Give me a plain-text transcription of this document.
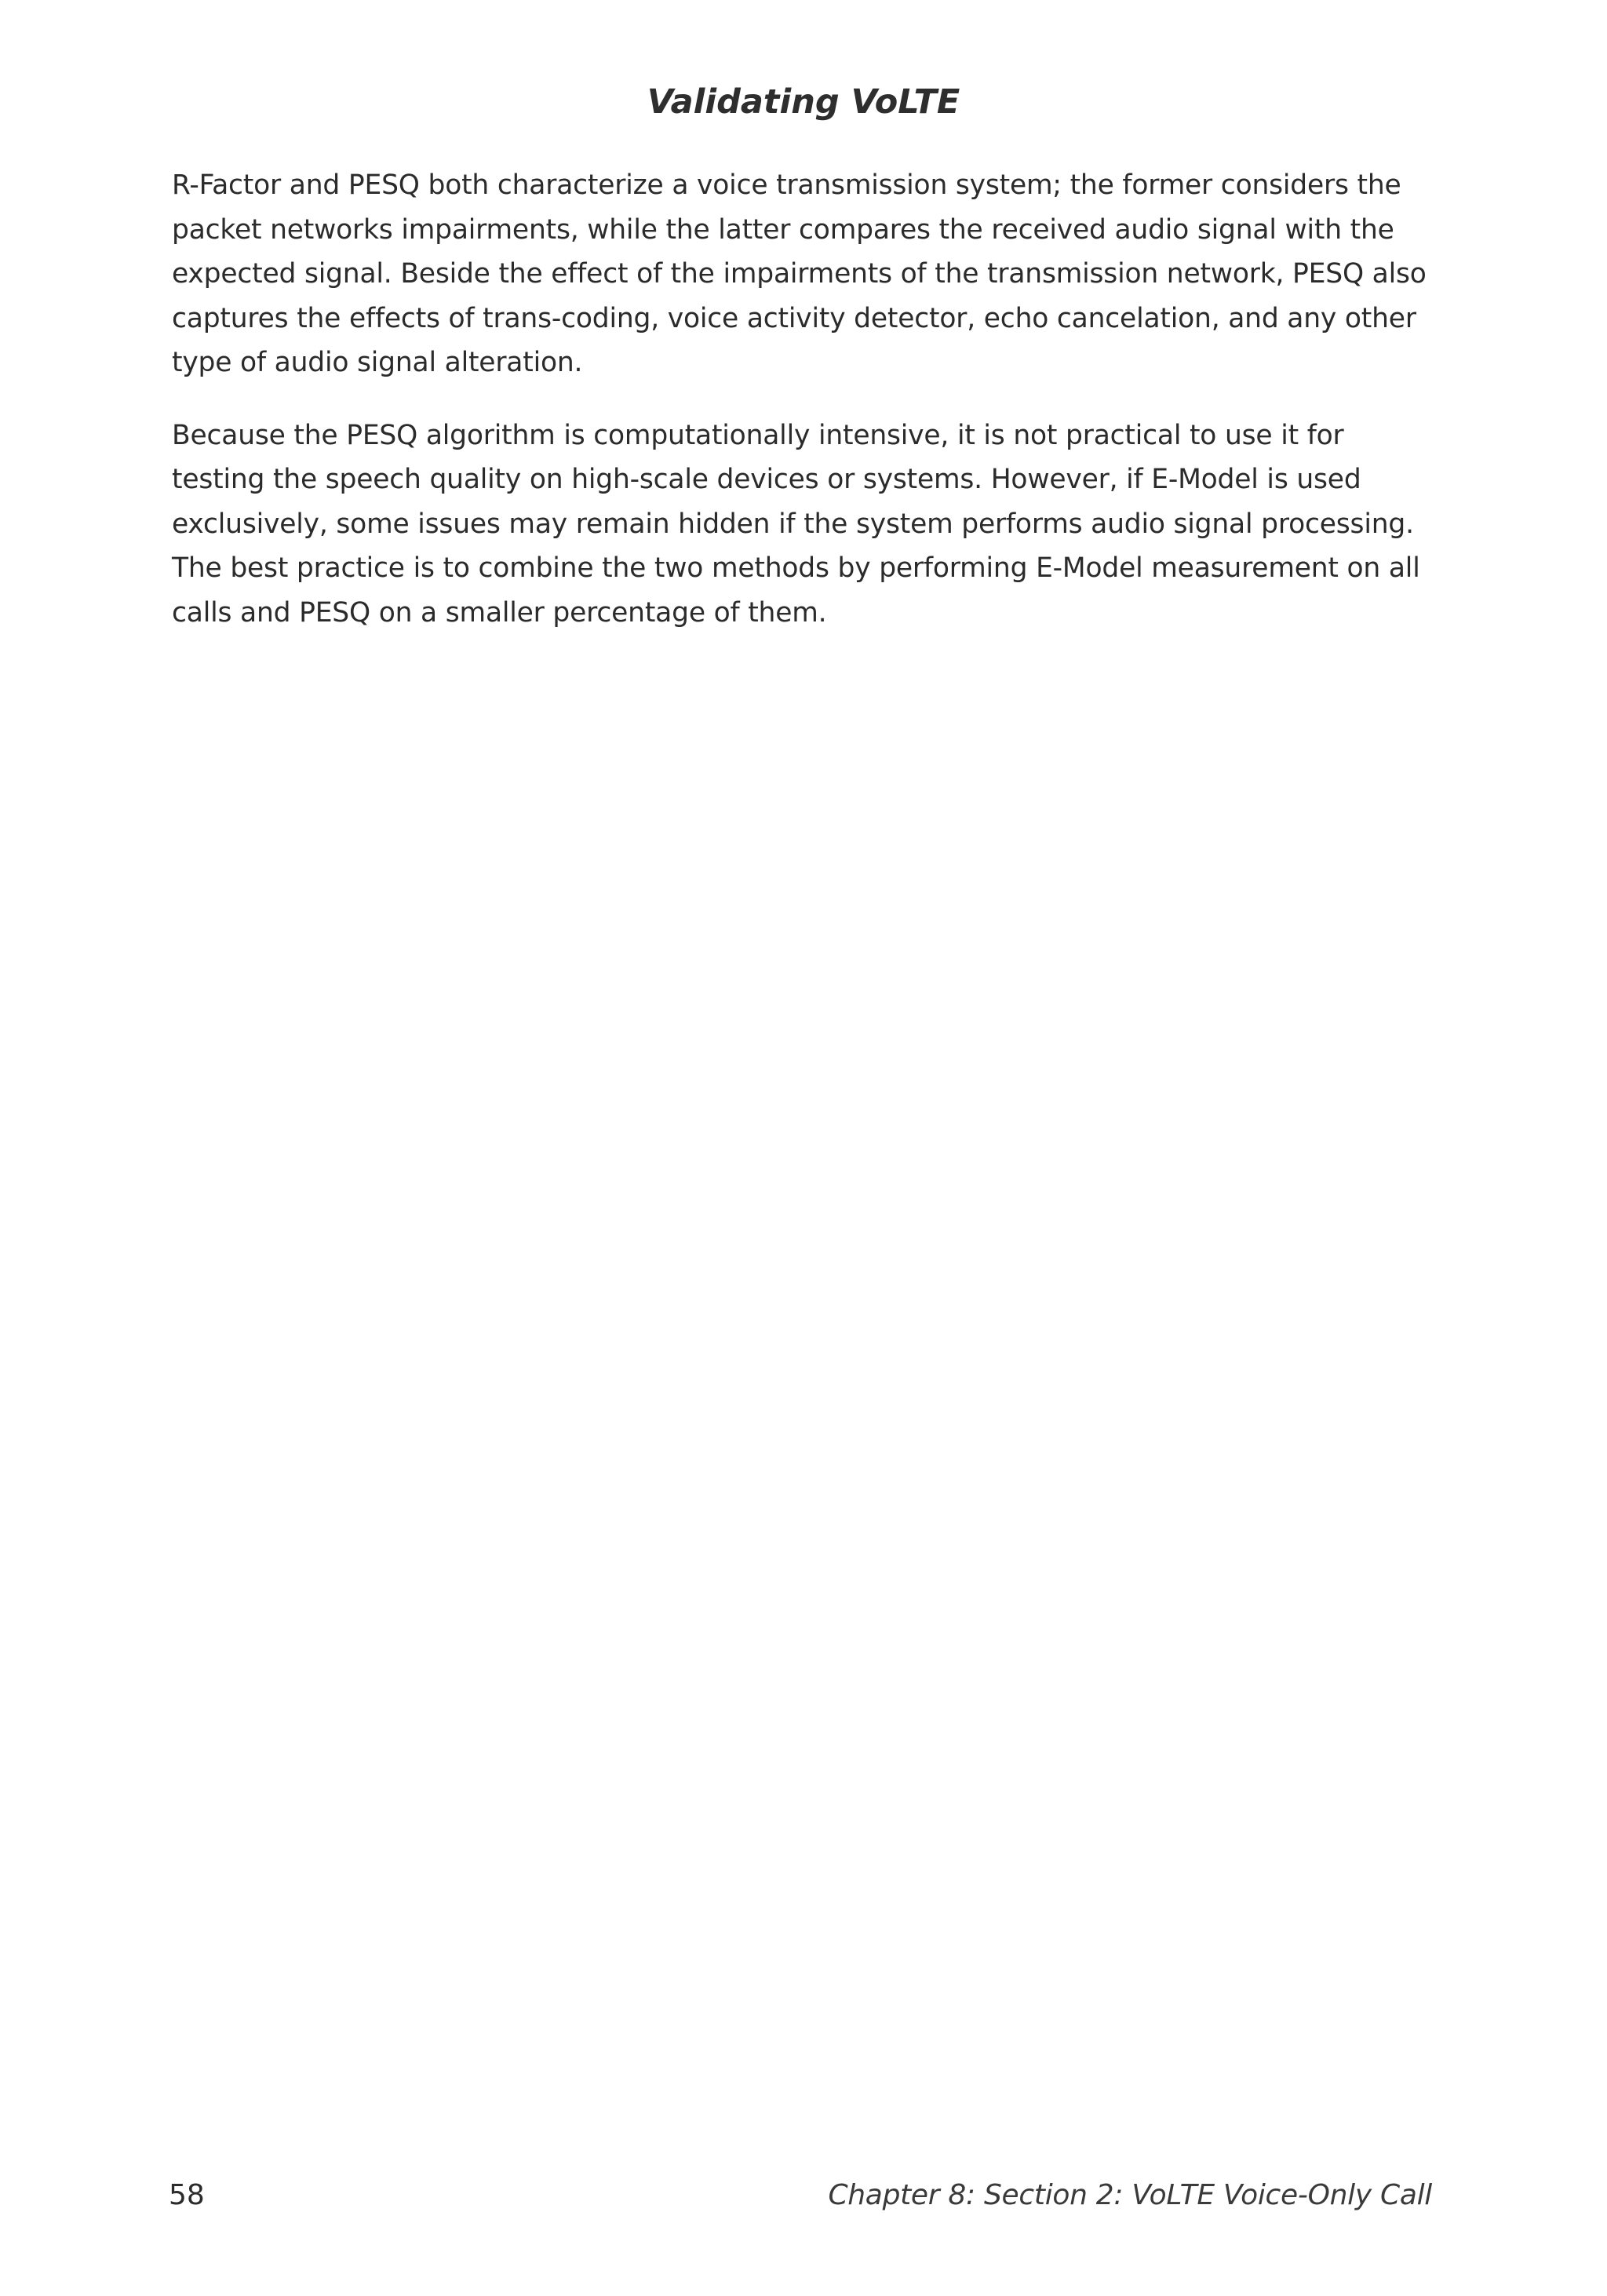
Validating VoLTE

R-Factor and PESQ both characterize a voice transmission system; the former considers the packet networks impairments, while the latter compares the received audio signal with the expected signal. Beside the effect of the impairments of the transmission network, PESQ also captures the effects of trans-coding, voice activity detector, echo cancelation, and any other type of audio signal alteration.

Because the PESQ algorithm is computationally intensive, it is not practical to use it for testing the speech quality on high-scale devices or systems. However, if E-Model is used exclusively, some issues may remain hidden if the system performs audio signal processing. The best practice is to combine the two methods by performing E-Model measurement on all calls and PESQ on a smaller percentage of them.

58	Chapter 8: Section 2: VoLTE Voice-Only Call
